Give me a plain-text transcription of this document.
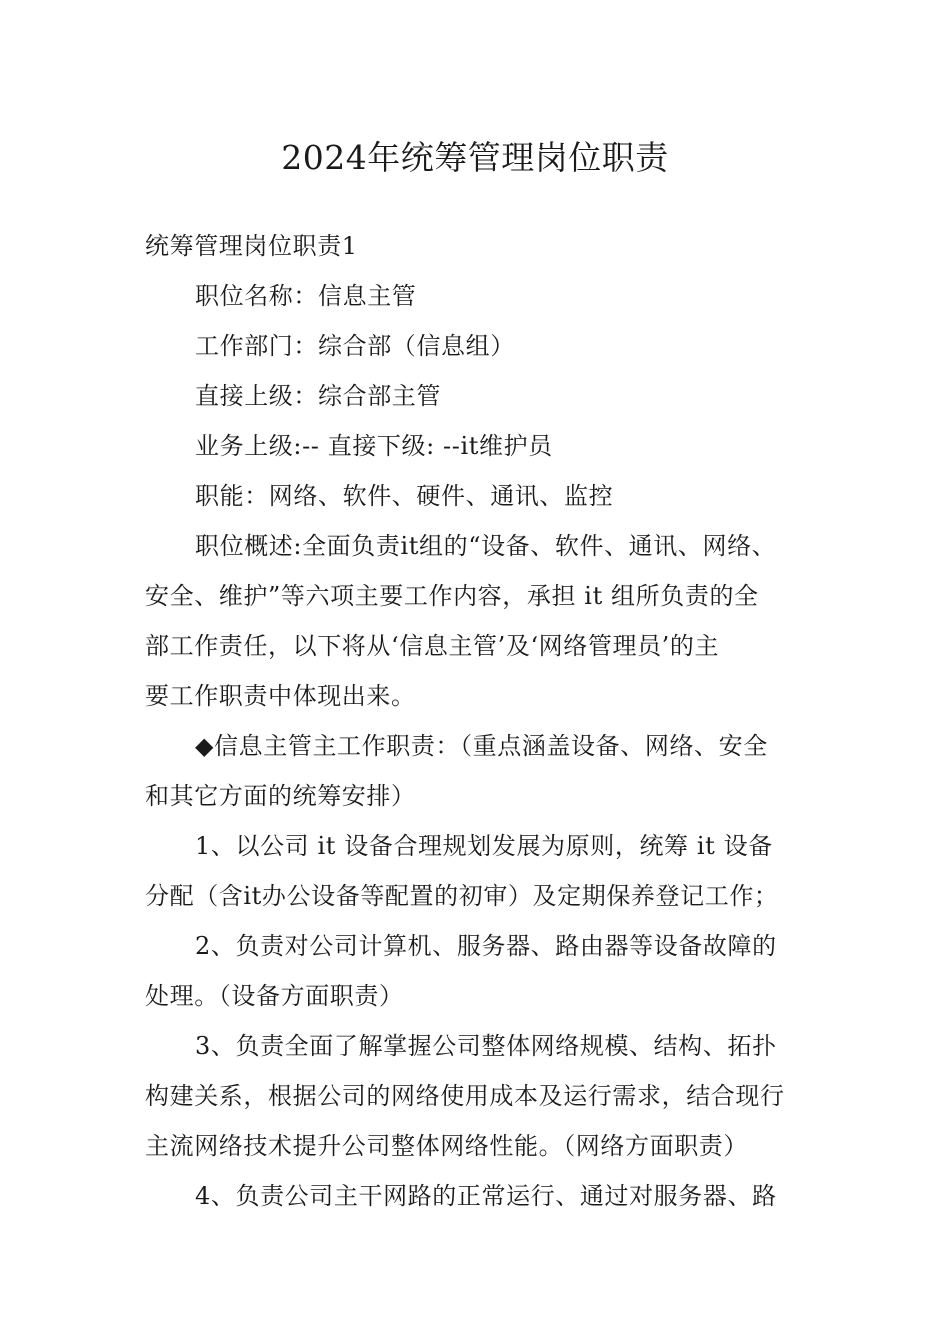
2024年统筹管理岗位职责
统筹管理岗位职责1
职位名称：信息主管
工作部门：综合部（信息组）
直接上级：综合部主管
业务上级:-- 直接下级: --it维护员
职能：网络、软件、硬件、通讯、监控
职位概述:全面负责it组的“设备、软件、通讯、网络、
安全、维护”等六项主要工作内容，承担 it 组所负责的全
部工作责任，以下将从‘信息主管’及‘网络管理员’的主
要工作职责中体现出来。
◆信息主管主工作职责：（重点涵盖设备、网络、安全
和其它方面的统筹安排）
1、以公司 it 设备合理规划发展为原则，统筹 it 设备
分配（含it办公设备等配置的初审）及定期保养登记工作；
2、负责对公司计算机、服务器、路由器等设备故障的
处理。（设备方面职责）
3、负责全面了解掌握公司整体网络规模、结构、拓扑
构建关系，根据公司的网络使用成本及运行需求，结合现行
主流网络技术提升公司整体网络性能。（网络方面职责）
4、负责公司主干网路的正常运行、通过对服务器、路
